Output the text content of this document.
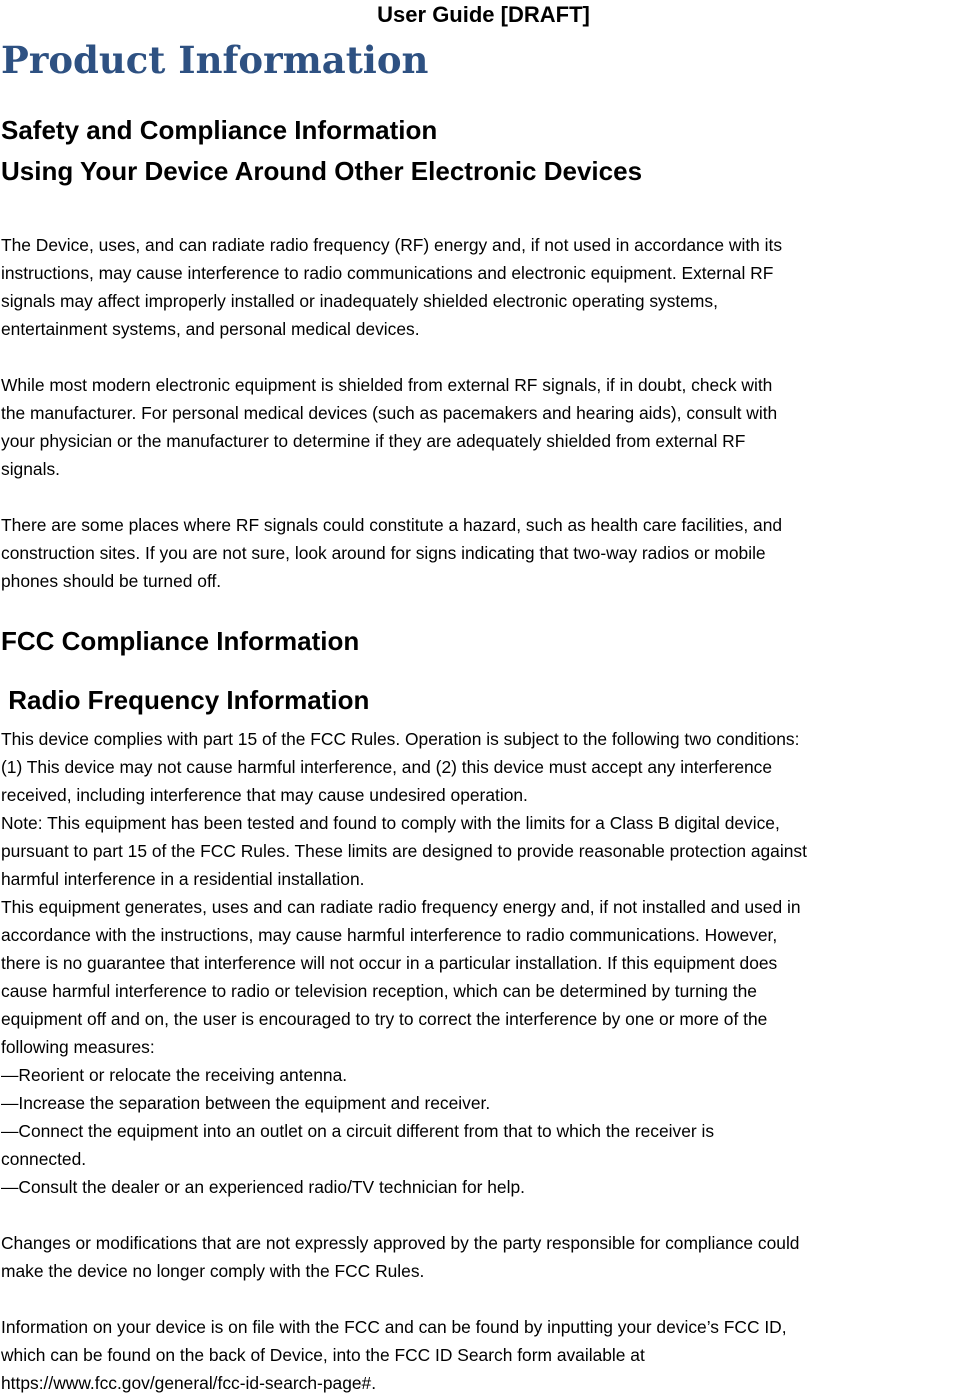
User Guide [DRAFT]
Product Information
Safety and Compliance Information
Using Your Device Around Other Electronic Devices
The Device, uses, and can radiate radio frequency (RF) energy and, if not used in accordance with its
instructions, may cause interference to radio communications and electronic equipment. External RF
signals may affect improperly installed or inadequately shielded electronic operating systems,
entertainment systems, and personal medical devices.
While most modern electronic equipment is shielded from external RF signals, if in doubt, check with
the manufacturer. For personal medical devices (such as pacemakers and hearing aids), consult with
your physician or the manufacturer to determine if they are adequately shielded from external RF
signals.
There are some places where RF signals could constitute a hazard, such as health care facilities, and
construction sites. If you are not sure, look around for signs indicating that two-way radios or mobile
phones should be turned off.
FCC Compliance Information
Radio Frequency Information
This device complies with part 15 of the FCC Rules. Operation is subject to the following two conditions:
(1) This device may not cause harmful interference, and (2) this device must accept any interference
received, including interference that may cause undesired operation.
Note: This equipment has been tested and found to comply with the limits for a Class B digital device,
pursuant to part 15 of the FCC Rules. These limits are designed to provide reasonable protection against
harmful interference in a residential installation.
This equipment generates, uses and can radiate radio frequency energy and, if not installed and used in
accordance with the instructions, may cause harmful interference to radio communications. However,
there is no guarantee that interference will not occur in a particular installation. If this equipment does
cause harmful interference to radio or television reception, which can be determined by turning the
equipment off and on, the user is encouraged to try to correct the interference by one or more of the
following measures:
—Reorient or relocate the receiving antenna.
—Increase the separation between the equipment and receiver.
—Connect the equipment into an outlet on a circuit different from that to which the receiver is
connected.
—Consult the dealer or an experienced radio/TV technician for help.
Changes or modifications that are not expressly approved by the party responsible for compliance could
make the device no longer comply with the FCC Rules.
Information on your device is on file with the FCC and can be found by inputting your device’s FCC ID,
which can be found on the back of Device, into the FCC ID Search form available at
https://www.fcc.gov/general/fcc-id-search-page#.
